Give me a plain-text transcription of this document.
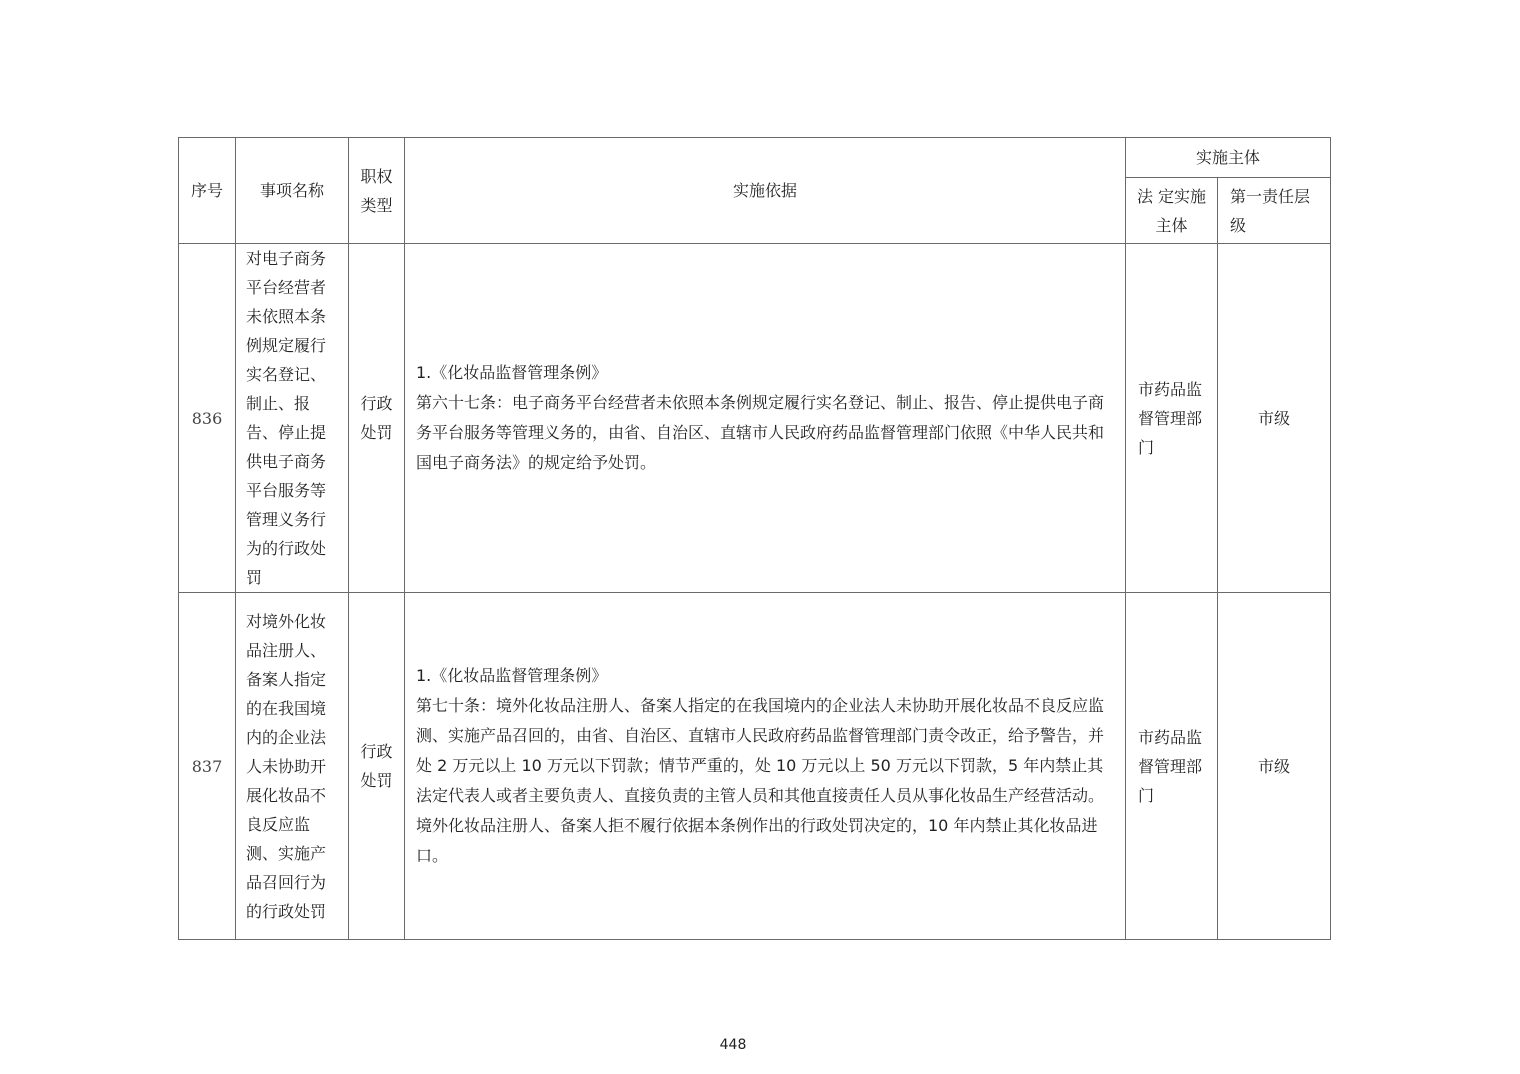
序号	事项名称	职权类型	实施依据	实施主体	
				法 定实施主体	第一责任层级
836	对电子商务平台经营者未依照本条例规定履行实名登记、制止、报告、停止提供电子商务平台服务等管理义务行为的行政处罚	行政处罚	1.《化妆品监督管理条例》

第六十七条：电子商务平台经营者未依照本条例规定履行实名登记、制止、报告、停止提供电子商务平台服务等管理义务的，由省、自治区、直辖市人民政府药品监督管理部门依照《中华人民共和国电子商务法》的规定给予处罚。	市药品监督管理部门	市级
837	对境外化妆品注册人、备案人指定的在我国境内的企业法人未协助开展化妆品不良反应监测、实施产品召回行为的行政处罚	行政处罚	1.《化妆品监督管理条例》

第七十条：境外化妆品注册人、备案人指定的在我国境内的企业法人未协助开展化妆品不良反应监测、实施产品召回的，由省、自治区、直辖市人民政府药品监督管理部门责令改正，给予警告，并处 2 万元以上 10 万元以下罚款；情节严重的，处 10 万元以上 50 万元以下罚款，5 年内禁止其法定代表人或者主要负责人、直接负责的主管人员和其他直接责任人员从事化妆品生产经营活动。

境外化妆品注册人、备案人拒不履行依据本条例作出的行政处罚决定的，10 年内禁止其化妆品进口。	市药品监督管理部门	市级
448
